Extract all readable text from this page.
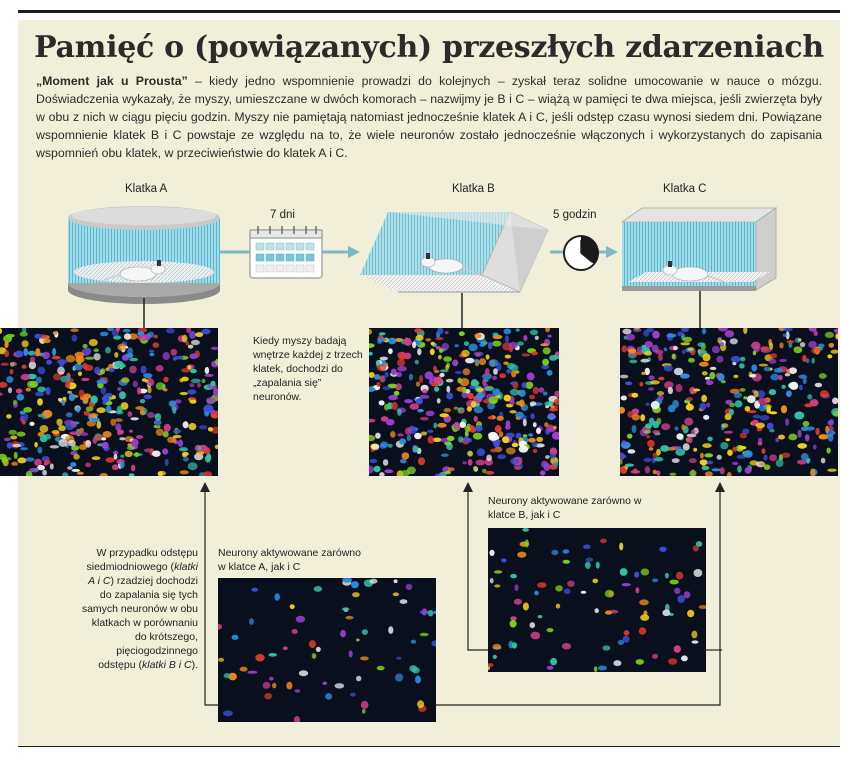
Pamięć o (powiązanych) przeszłych zdarzeniach

„Moment jak u Prousta” – kiedy jedno wspomnienie prowadzi do kolejnych – zyskał teraz solidne umocowanie w nauce o mózgu. Doświadczenia wykazały, że myszy, umieszczane w dwóch komorach – nazwijmy je B i C – wiążą w pamięci te dwa miejsca, jeśli zwierzęta były w obu z nich w ciągu pięciu godzin. Myszy nie pamiętają natomiast jednocześnie klatek A i C, jeśli odstęp czasu wynosi siedem dni. Powiązane wspomnienie klatek B i C powstaje ze względu na to, że wiele neuronów zostało jednocześnie włączonych i wykorzystanych do zapisania wspomnień obu klatek, w przeciwieństwie do klatek A i C.

Klatka A	Klatka B	Klatka C
7 dni	5 godzin
Kiedy myszy badają wnętrze każdej z trzech klatek, dochodzi do „zapalania się” neuronów.
Neurony aktywowane zarówno w klatce B, jak i C
Neurony aktywowane zarówno w klatce A, jak i C
W przypadku odstępu siedmiodniowego (klatki A i C) rzadziej dochodzi do zapalania się tych samych neuronów w obu klatkach w porównaniu do krótszego, pięciogodzinnego odstępu (klatki B i C).
